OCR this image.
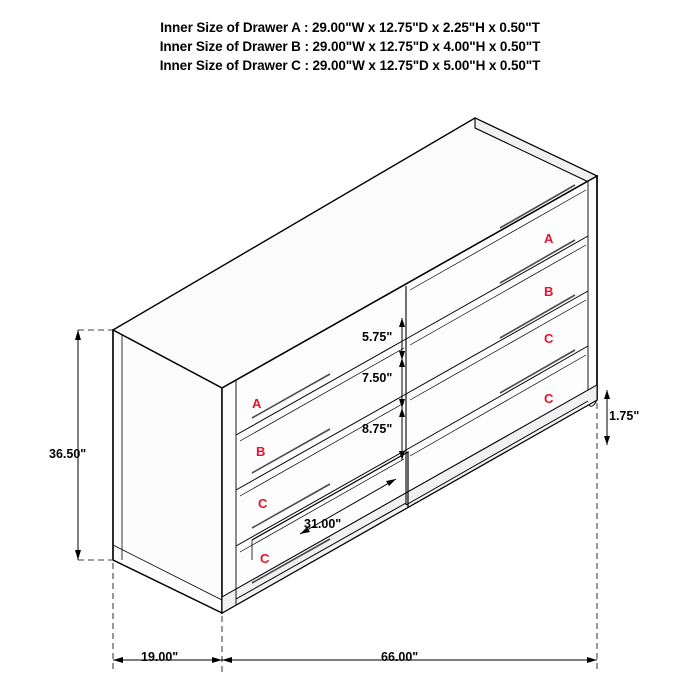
Inner Size of Drawer A : 29.00"W x 12.75"D x 2.25"H x 0.50"T
Inner Size of Drawer B : 29.00"W x 12.75"D x 4.00"H x 0.50"T
Inner Size of Drawer C : 29.00"W x 12.75"D x 5.00"H x 0.50"T
36.50"
19.00"	66.00"
1.75"
5.75"
7.50"
8.75"
31.00"
A
B
C
C
A
B
C
C
